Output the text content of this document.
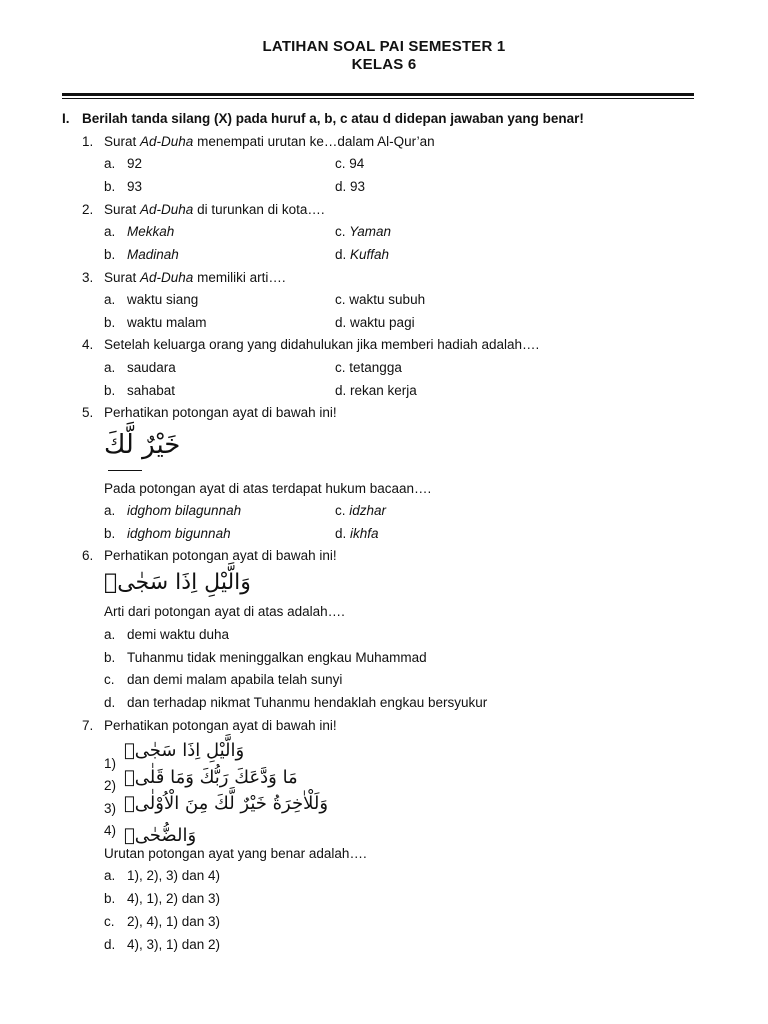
LATIHAN SOAL PAI SEMESTER 1
KELAS 6
I. Berilah tanda silang (X) pada huruf a, b, c atau d didepan jawaban yang benar!
1. Surat Ad-Duha menempati urutan ke…dalam Al-Qur’an
a. 92	c. 94
b. 93	d. 93
2. Surat Ad-Duha di turunkan di kota….
a. Mekkah	c. Yaman
b. Madinah	d. Kuffah
3. Surat Ad-Duha memiliki arti….
a. waktu siang	c. waktu subuh
b. waktu malam	d. waktu pagi
4. Setelah keluarga orang yang didahulukan jika memberi hadiah adalah….
a. saudara	c. tetangga
b. sahabat	d. rekan kerja
5. Perhatikan potongan ayat di bawah ini!
خَيْرٌ لَّكَ
Pada potongan ayat di atas terdapat hukum bacaan….
a. idghom bilagunnah	c. idzhar
b. idghom bigunnah	d. ikhfa
6. Perhatikan potongan ayat di bawah ini!
وَالَّيْلِ اِذَا سَجٰىۙ
Arti dari potongan ayat di atas adalah….
a. demi waktu duha
b. Tuhanmu tidak meninggalkan engkau Muhammad
c. dan demi malam apabila telah sunyi
d. dan terhadap nikmat Tuhanmu hendaklah engkau bersyukur
7. Perhatikan potongan ayat di bawah ini!
1)
وَالَّيْلِ اِذَا سَجٰىۙ
2) مَا وَدَّعَكَ رَبُّكَ وَمَا قَلٰىۗ
3) وَلَلْاٰخِرَةُ خَيْرٌ لَّكَ مِنَ الْاُوْلٰىۗ
4) وَالضُّحٰىۙ
Urutan potongan ayat yang benar adalah….
a. 1), 2), 3) dan 4)
b. 4), 1), 2) dan 3)
c. 2), 4), 1) dan 3)
d. 4), 3), 1) dan 2)
